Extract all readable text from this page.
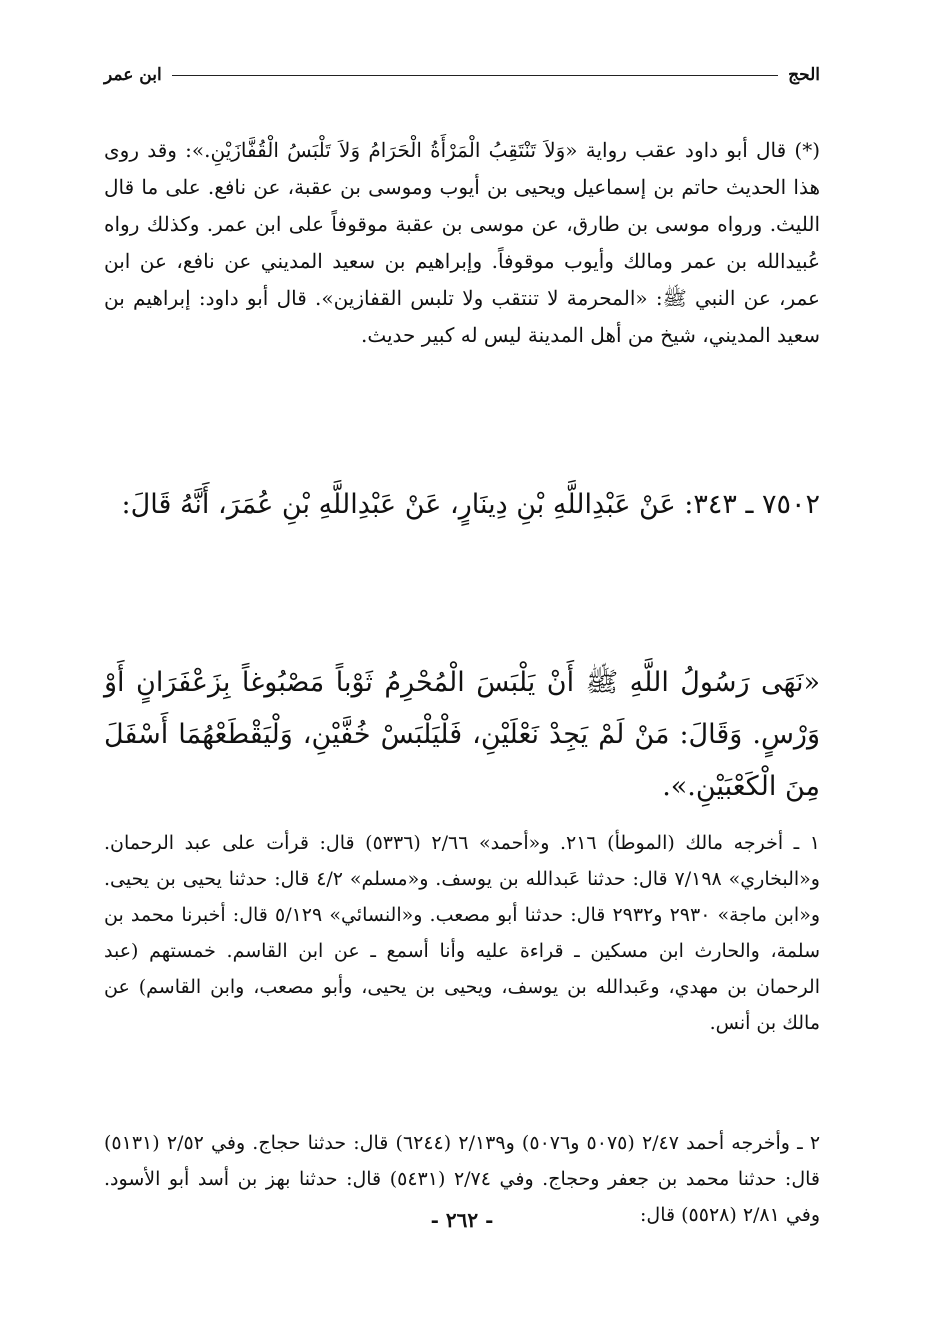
الحج
ابن عمر

(*) قال أبو داود عقب رواية «وَلاَ تَنْتَقِبُ الْمَرْأَةُ الْحَرَامُ وَلاَ تَلْبَسُ الْقُفَّازَيْنِ.»: وقد روى هذا الحديث حاتم بن إسماعيل ويحيى بن أيوب وموسى بن عقبة، عن نافع. على ما قال الليث. ورواه موسى بن طارق، عن موسى بن عقبة موقوفاً على ابن عمر. وكذلك رواه عُبيدالله بن عمر ومالك وأيوب موقوفاً. وإبراهيم بن سعيد المديني عن نافع، عن ابن عمر، عن النبي ﷺ: «المحرمة لا تنتقب ولا تلبس القفازين». قال أبو داود: إبراهيم بن سعيد المديني، شيخ من أهل المدينة ليس له كبير حديث.

٧٥٠٢ ـ ٣٤٣: عَنْ عَبْدِاللَّهِ بْنِ دِينَارٍ، عَنْ عَبْدِاللَّهِ بْنِ عُمَرَ، أَنَّهُ قَالَ:

«نَهَى رَسُولُ اللَّهِ ﷺ أَنْ يَلْبَسَ الْمُحْرِمُ ثَوْباً مَصْبُوغاً بِزَعْفَرَانٍ أَوْ وَرْسٍ. وَقَالَ: مَنْ لَمْ يَجِدْ نَعْلَيْنِ، فَلْيَلْبَسْ خُفَّيْنِ، وَلْيَقْطَعْهُمَا أَسْفَلَ مِنَ الْكَعْبَيْنِ.».

١ ـ أخرجه مالك (الموطأ) ٢١٦. و«أحمد» ٢/٦٦ (٥٣٣٦) قال: قرأت على عبد الرحمان. و«البخاري» ٧/١٩٨ قال: حدثنا عَبدالله بن يوسف. و«مسلم» ٤/٢ قال: حدثنا يحيى بن يحيى. و«ابن ماجة» ٢٩٣٠ و٢٩٣٢ قال: حدثنا أبو مصعب. و«النسائي» ٥/١٢٩ قال: أخبرنا محمد بن سلمة، والحارث ابن مسكين ـ قراءة عليه وأنا أسمع ـ عن ابن القاسم. خمستهم (عبد الرحمان بن مهدي، وعَبدالله بن يوسف، ويحيى بن يحيى، وأبو مصعب، وابن القاسم) عن مالك بن أنس.

٢ ـ وأخرجه أحمد ٢/٤٧ (٥٠٧٥ و٥٠٧٦) و٢/١٣٩ (٦٢٤٤) قال: حدثنا حجاج. وفي ٢/٥٢ (٥١٣١) قال: حدثنا محمد بن جعفر وحجاج. وفي ٢/٧٤ (٥٤٣١) قال: حدثنا بهز بن أسد أبو الأسود. وفي ٢/٨١ (٥٥٢٨) قال:

- ٢٦٢ -
